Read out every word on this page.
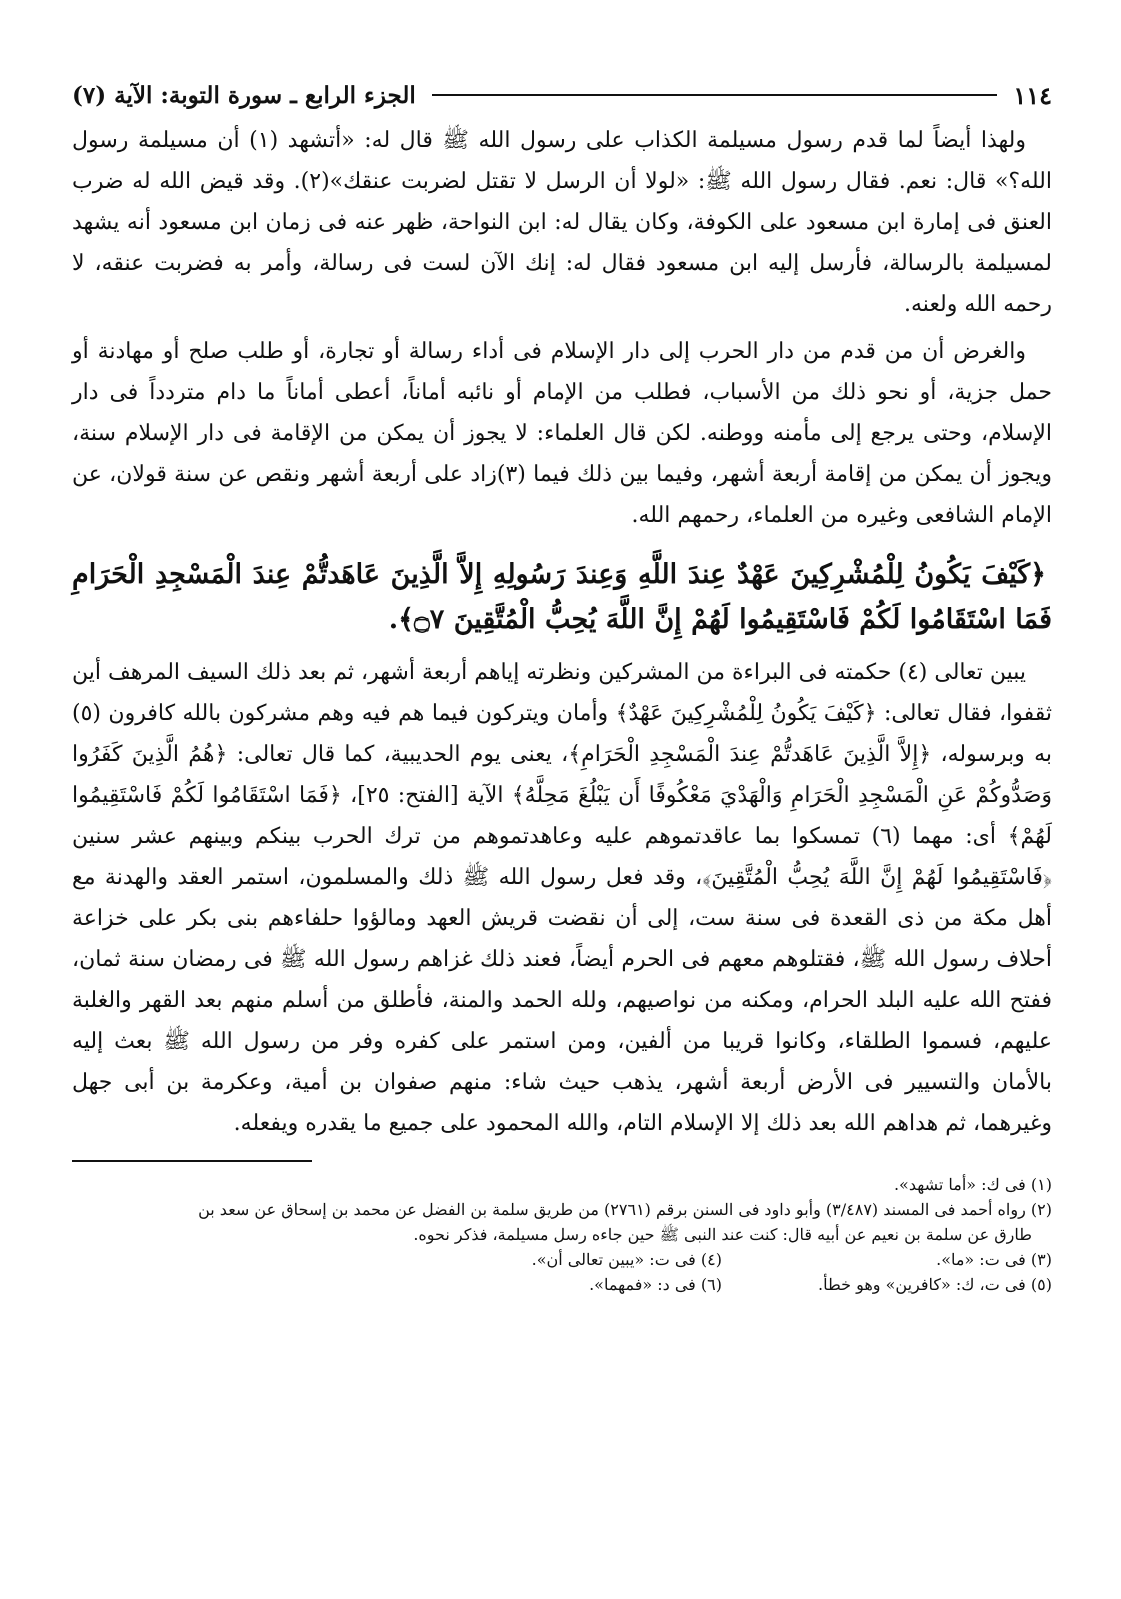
١١٤
الجزء الرابع ـ سورة التوبة: الآية (٧)

ولهذا أيضاً لما قدم رسول مسيلمة الكذاب على رسول الله ﷺ قال له: «أتشهد (١) أن مسيلمة رسول الله؟» قال: نعم. فقال رسول الله ﷺ: «لولا أن الرسل لا تقتل لضربت عنقك»(٢). وقد قيض الله له ضرب العنق فى إمارة ابن مسعود على الكوفة، وكان يقال له: ابن النواحة، ظهر عنه فى زمان ابن مسعود أنه يشهد لمسيلمة بالرسالة، فأرسل إليه ابن مسعود فقال له: إنك الآن لست فى رسالة، وأمر به فضربت عنقه، لا رحمه الله ولعنه.

والغرض أن من قدم من دار الحرب إلى دار الإسلام فى أداء رسالة أو تجارة، أو طلب صلح أو مهادنة أو حمل جزية، أو نحو ذلك من الأسباب، فطلب من الإمام أو نائبه أماناً، أعطى أماناً ما دام متردداً فى دار الإسلام، وحتى يرجع إلى مأمنه ووطنه. لكن قال العلماء: لا يجوز أن يمكن من الإقامة فى دار الإسلام سنة، ويجوز أن يمكن من إقامة أربعة أشهر، وفيما بين ذلك فيما (٣)زاد على أربعة أشهر ونقص عن سنة قولان، عن الإمام الشافعى وغيره من العلماء، رحمهم الله.

﴿كَيْفَ يَكُونُ لِلْمُشْرِكِينَ عَهْدٌ عِندَ اللَّهِ وَعِندَ رَسُولِهِ إِلاَّ الَّذِينَ عَاهَدتُّمْ عِندَ الْمَسْجِدِ الْحَرَامِ فَمَا اسْتَقَامُوا لَكُمْ فَاسْتَقِيمُوا لَهُمْ إِنَّ اللَّهَ يُحِبُّ الْمُتَّقِينَ ۝٧﴾.

يبين تعالى (٤) حكمته فى البراءة من المشركين ونظرته إياهم أربعة أشهر، ثم بعد ذلك السيف المرهف أين ثقفوا، فقال تعالى: ﴿كَيْفَ يَكُونُ لِلْمُشْرِكِينَ عَهْدٌ﴾ وأمان ويتركون فيما هم فيه وهم مشركون بالله كافرون (٥) به وبرسوله، ﴿إِلاَّ الَّذِينَ عَاهَدتُّمْ عِندَ الْمَسْجِدِ الْحَرَامِ﴾، يعنى يوم الحديبية، كما قال تعالى: ﴿هُمُ الَّذِينَ كَفَرُوا وَصَدُّوكُمْ عَنِ الْمَسْجِدِ الْحَرَامِ وَالْهَدْيَ مَعْكُوفًا أَن يَبْلُغَ مَحِلَّهُ﴾ الآية [الفتح: ٢٥]، ﴿فَمَا اسْتَقَامُوا لَكُمْ فَاسْتَقِيمُوا لَهُمْ﴾ أى: مهما (٦) تمسكوا بما عاقدتموهم عليه وعاهدتموهم من ترك الحرب بينكم وبينهم عشر سنين ﴿فَاسْتَقِيمُوا لَهُمْ إِنَّ اللَّهَ يُحِبُّ الْمُتَّقِينَ﴾، وقد فعل رسول الله ﷺ ذلك والمسلمون، استمر العقد والهدنة مع أهل مكة من ذى القعدة فى سنة ست، إلى أن نقضت قريش العهد ومالؤوا حلفاءهم بنى بكر على خزاعة أحلاف رسول الله ﷺ، فقتلوهم معهم فى الحرم أيضاً، فعند ذلك غزاهم رسول الله ﷺ فى رمضان سنة ثمان، ففتح الله عليه البلد الحرام، ومكنه من نواصيهم، ولله الحمد والمنة، فأطلق من أسلم منهم بعد القهر والغلبة عليهم، فسموا الطلقاء، وكانوا قريبا من ألفين، ومن استمر على كفره وفر من رسول الله ﷺ بعث إليه بالأمان والتسيير فى الأرض أربعة أشهر، يذهب حيث شاء: منهم صفوان بن أمية، وعكرمة بن أبى جهل وغيرهما، ثم هداهم الله بعد ذلك إلا الإسلام التام، والله المحمود على جميع ما يقدره ويفعله.

(١) فى ك: «أما تشهد».

(٢) رواه أحمد فى المسند (٣/٤٨٧) وأبو داود فى السنن برقم (٢٧٦١) من طريق سلمة بن الفضل عن محمد بن إسحاق عن سعد بن

طارق عن سلمة بن نعيم عن أبيه قال: كنت عند النبى ﷺ حين جاءه رسل مسيلمة، فذكر نحوه.

(٣) فى ت: «ما».

(٤) فى ت: «يبين تعالى أن».

(٥) فى ت، ك: «كافرين» وهو خطأ.

(٦) فى د: «فمهما».
